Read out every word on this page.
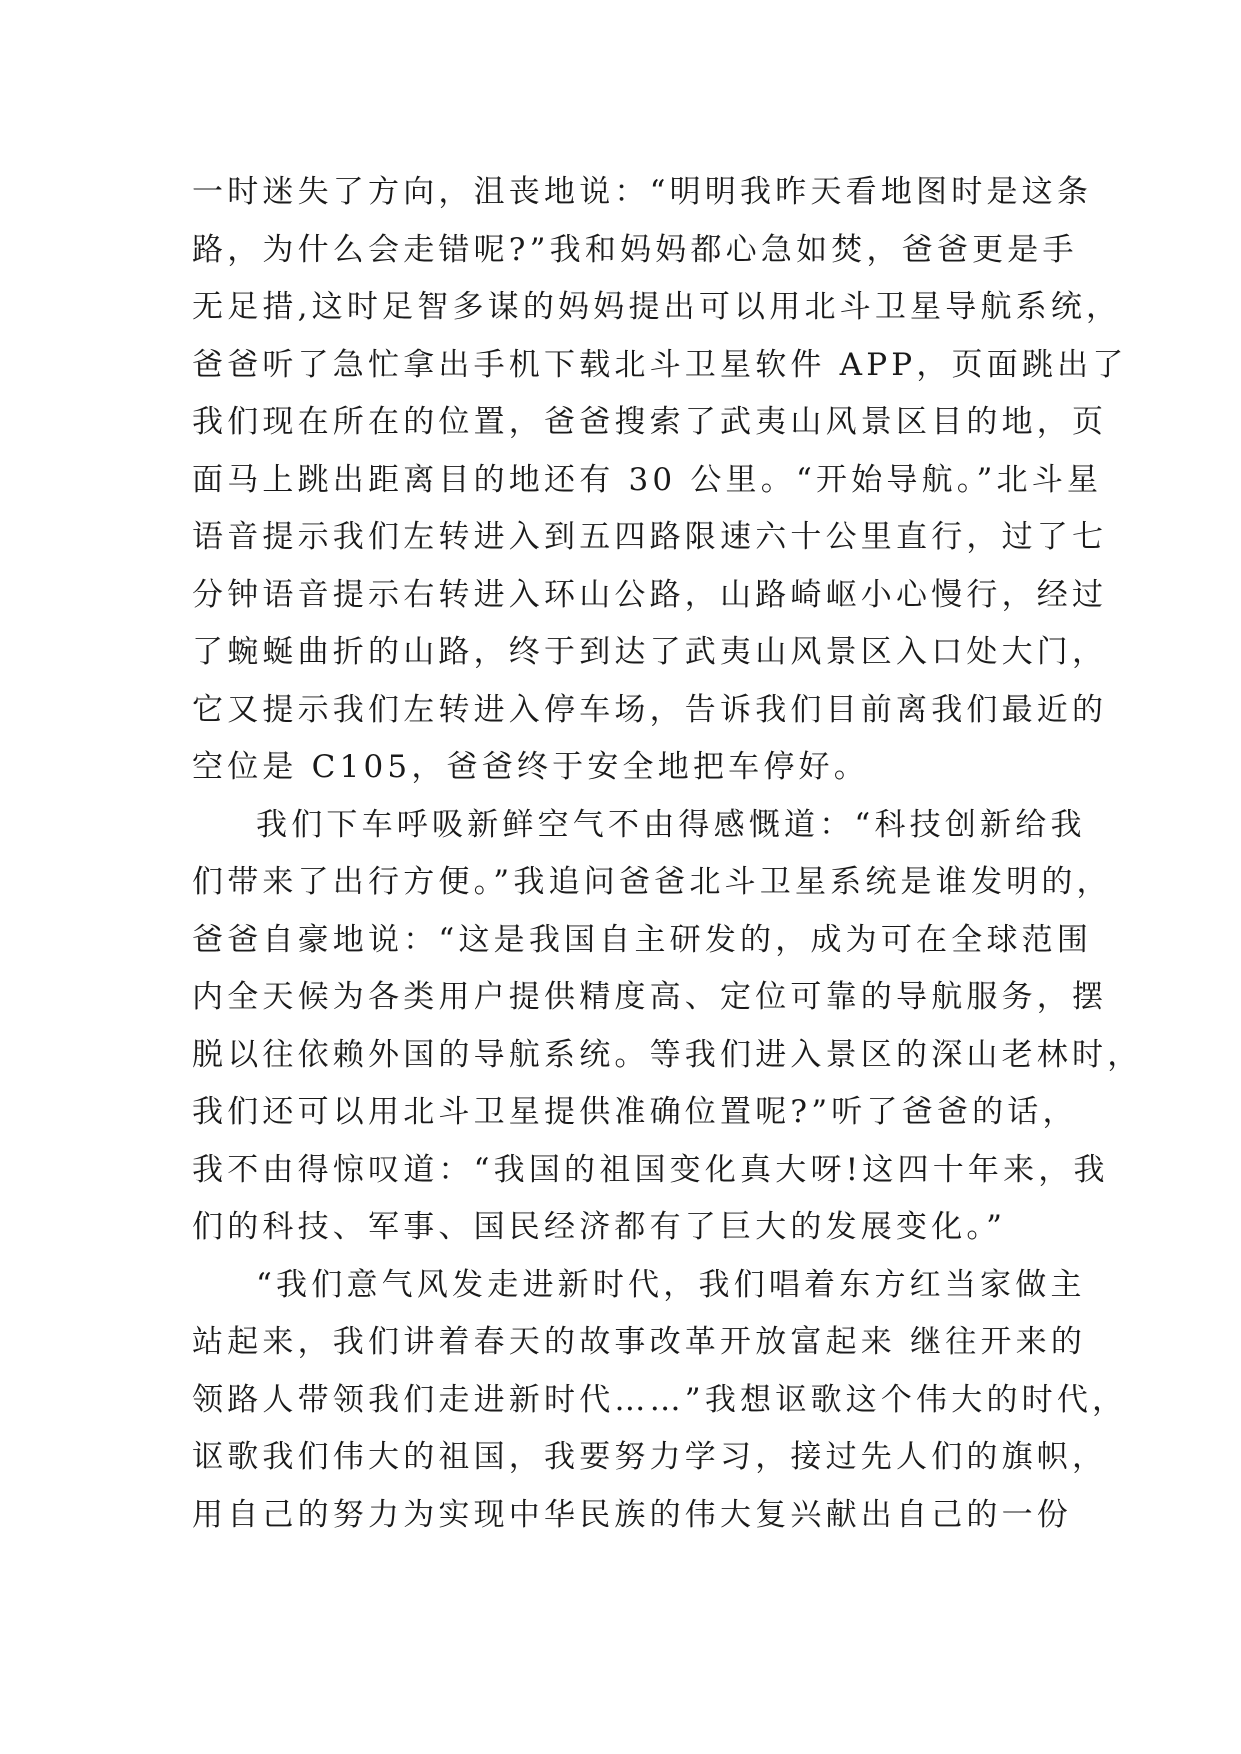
一时迷失了方向，沮丧地说：“明明我昨天看地图时是这条
路，为什么会走错呢?”我和妈妈都心急如焚，爸爸更是手
无足措,这时足智多谋的妈妈提出可以用北斗卫星导航系统，
爸爸听了急忙拿出手机下载北斗卫星软件 APP，页面跳出了
我们现在所在的位置，爸爸搜索了武夷山风景区目的地，页
面马上跳出距离目的地还有 30 公里。“开始导航。”北斗星
语音提示我们左转进入到五四路限速六十公里直行，过了七
分钟语音提示右转进入环山公路，山路崎岖小心慢行，经过
了蜿蜒曲折的山路，终于到达了武夷山风景区入口处大门，
它又提示我们左转进入停车场，告诉我们目前离我们最近的
空位是 C105，爸爸终于安全地把车停好。
我们下车呼吸新鲜空气不由得感慨道：“科技创新给我
们带来了出行方便。”我追问爸爸北斗卫星系统是谁发明的，
爸爸自豪地说：“这是我国自主研发的，成为可在全球范围
内全天候为各类用户提供精度高、定位可靠的导航服务，摆
脱以往依赖外国的导航系统。等我们进入景区的深山老林时，
我们还可以用北斗卫星提供准确位置呢?”听了爸爸的话，
我不由得惊叹道：“我国的祖国变化真大呀!这四十年来，我
们的科技、军事、国民经济都有了巨大的发展变化。”
“我们意气风发走进新时代，我们唱着东方红当家做主
站起来，我们讲着春天的故事改革开放富起来 继往开来的
领路人带领我们走进新时代……”我想讴歌这个伟大的时代，
讴歌我们伟大的祖国，我要努力学习，接过先人们的旗帜，
用自己的努力为实现中华民族的伟大复兴献出自己的一份
